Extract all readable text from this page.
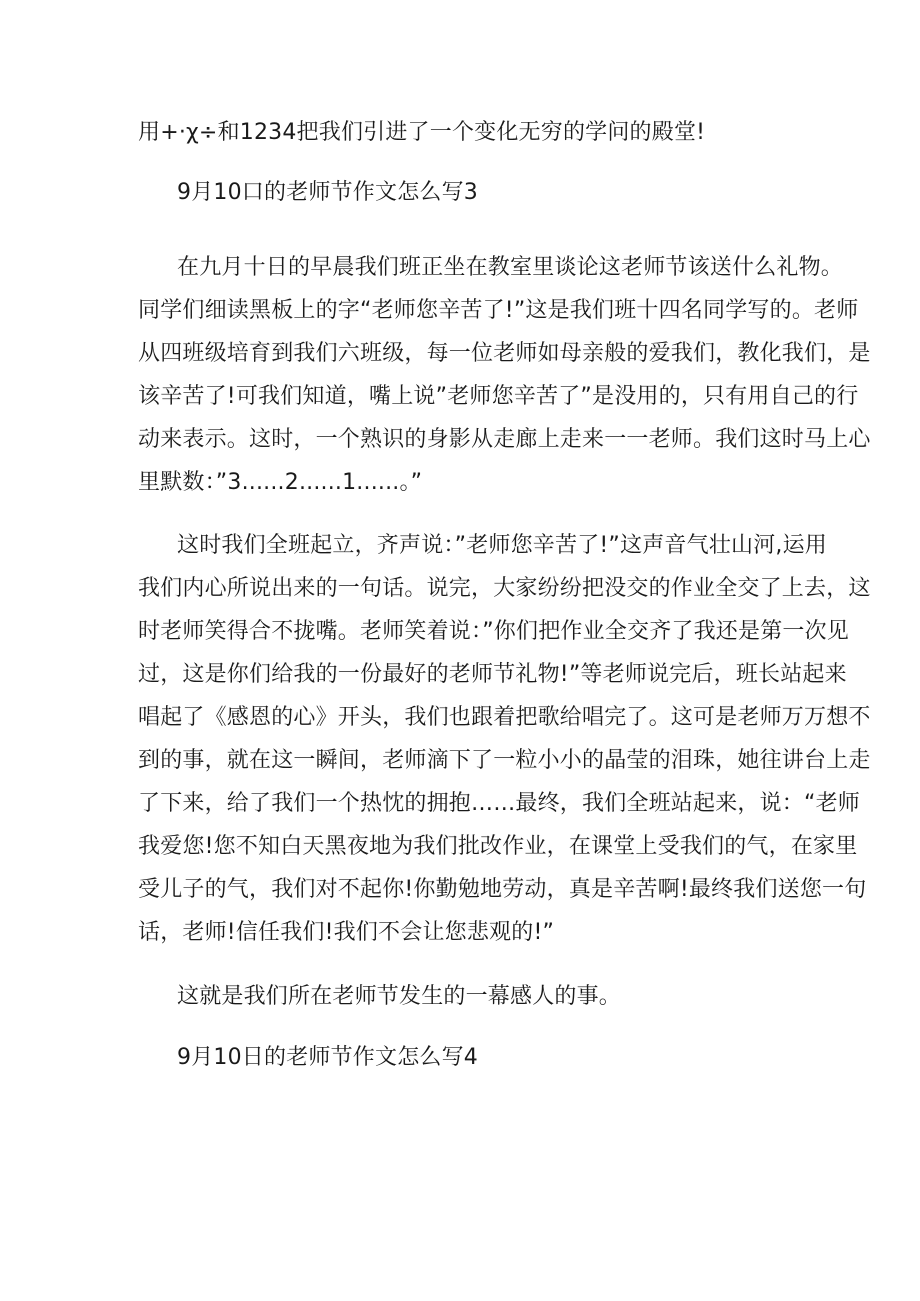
用+·χ÷和1234把我们引进了一个变化无穷的学问的殿堂!
9月10口的老师节作文怎么写3
在九月十日的早晨我们班正坐在教室里谈论这老师节该送什么礼物。
同学们细读黑板上的字“老师您辛苦了!”这是我们班十四名同学写的。老师
从四班级培育到我们六班级，每一位老师如母亲般的爱我们，教化我们，是
该辛苦了!可我们知道，嘴上说”老师您辛苦了”是没用的，只有用自己的行
动来表示。这时，一个熟识的身影从走廊上走来一一老师。我们这时马上心
里默数：”3......2......1......。”
这时我们全班起立，齐声说：”老师您辛苦了!”这声音气壮山河,运用
我们内心所说出来的一句话。说完，大家纷纷把没交的作业全交了上去，这
时老师笑得合不拢嘴。老师笑着说：”你们把作业全交齐了我还是第一次见
过，这是你们给我的一份最好的老师节礼物!”等老师说完后，班长站起来
唱起了《感恩的心》开头，我们也跟着把歌给唱完了。这可是老师万万想不
到的事，就在这一瞬间，老师滴下了一粒小小的晶莹的泪珠，她往讲台上走
了下来，给了我们一个热忱的拥抱……最终，我们全班站起来，说：“老师
我爱您!您不知白天黑夜地为我们批改作业，在课堂上受我们的气，在家里
受儿子的气，我们对不起你!你勤勉地劳动，真是辛苦啊!最终我们送您一句
话，老师!信任我们!我们不会让您悲观的!”
这就是我们所在老师节发生的一幕感人的事。
9月10日的老师节作文怎么写4
